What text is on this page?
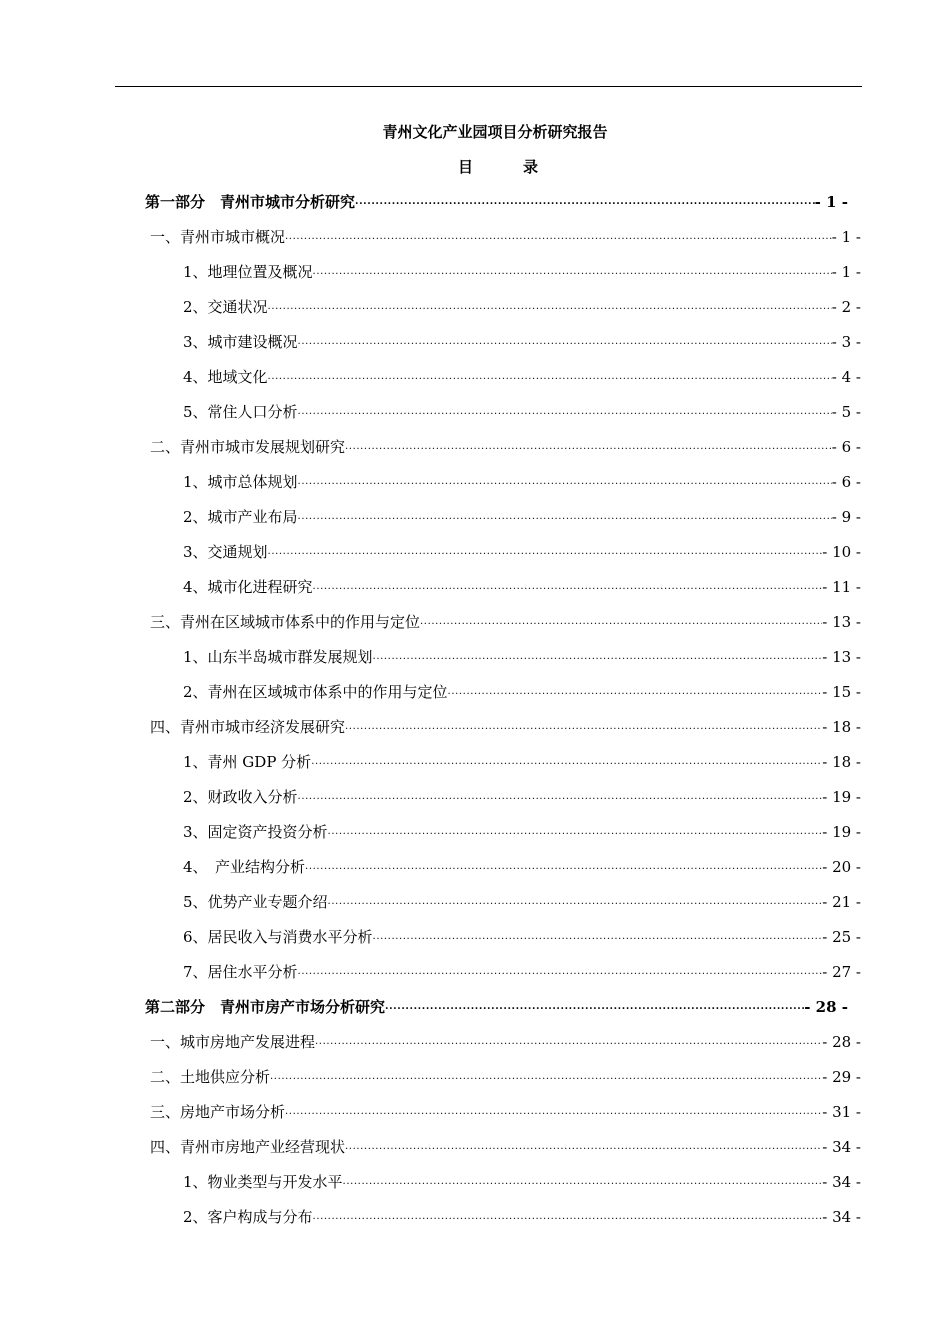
青州文化产业园项目分析研究报告
目	录
第一部分　青州市城市分析研究 .....	- 1 -
一、青州市城市概况 .....	- 1 -
1、地理位置及概况 .....	- 1 -
2、交通状况 .....	- 2 -
3、城市建设概况 .....	- 3 -
4、地域文化 .....	- 4 -
5、常住人口分析 .....	- 5 -
二、青州市城市发展规划研究 .....	- 6 -
1、城市总体规划 .....	- 6 -
2、城市产业布局 .....	- 9 -
3、交通规划 .....	- 10 -
4、城市化进程研究 .....	- 11 -
三、青州在区域城市体系中的作用与定位 .....	- 13 -
1、山东半岛城市群发展规划 .....	- 13 -
2、青州在区域城市体系中的作用与定位 .....	- 15 -
四、青州市城市经济发展研究 .....	- 18 -
1、青州 GDP 分析 .....	- 18 -
2、财政收入分析 .....	- 19 -
3、固定资产投资分析 .....	- 19 -
4、　产业结构分析 .....	- 20 -
5、优势产业专题介绍 .....	- 21 -
6、居民收入与消费水平分析 .....	- 25 -
7、居住水平分析 .....	- 27 -
第二部分　青州市房产市场分析研究 .....	- 28 -
一、城市房地产发展进程 .....	- 28 -
二、土地供应分析 .....	- 29 -
三、房地产市场分析 .....	- 31 -
四、青州市房地产业经营现状 .....	- 34 -
1、物业类型与开发水平 .....	- 34 -
2、客户构成与分布 .....	- 34 -
